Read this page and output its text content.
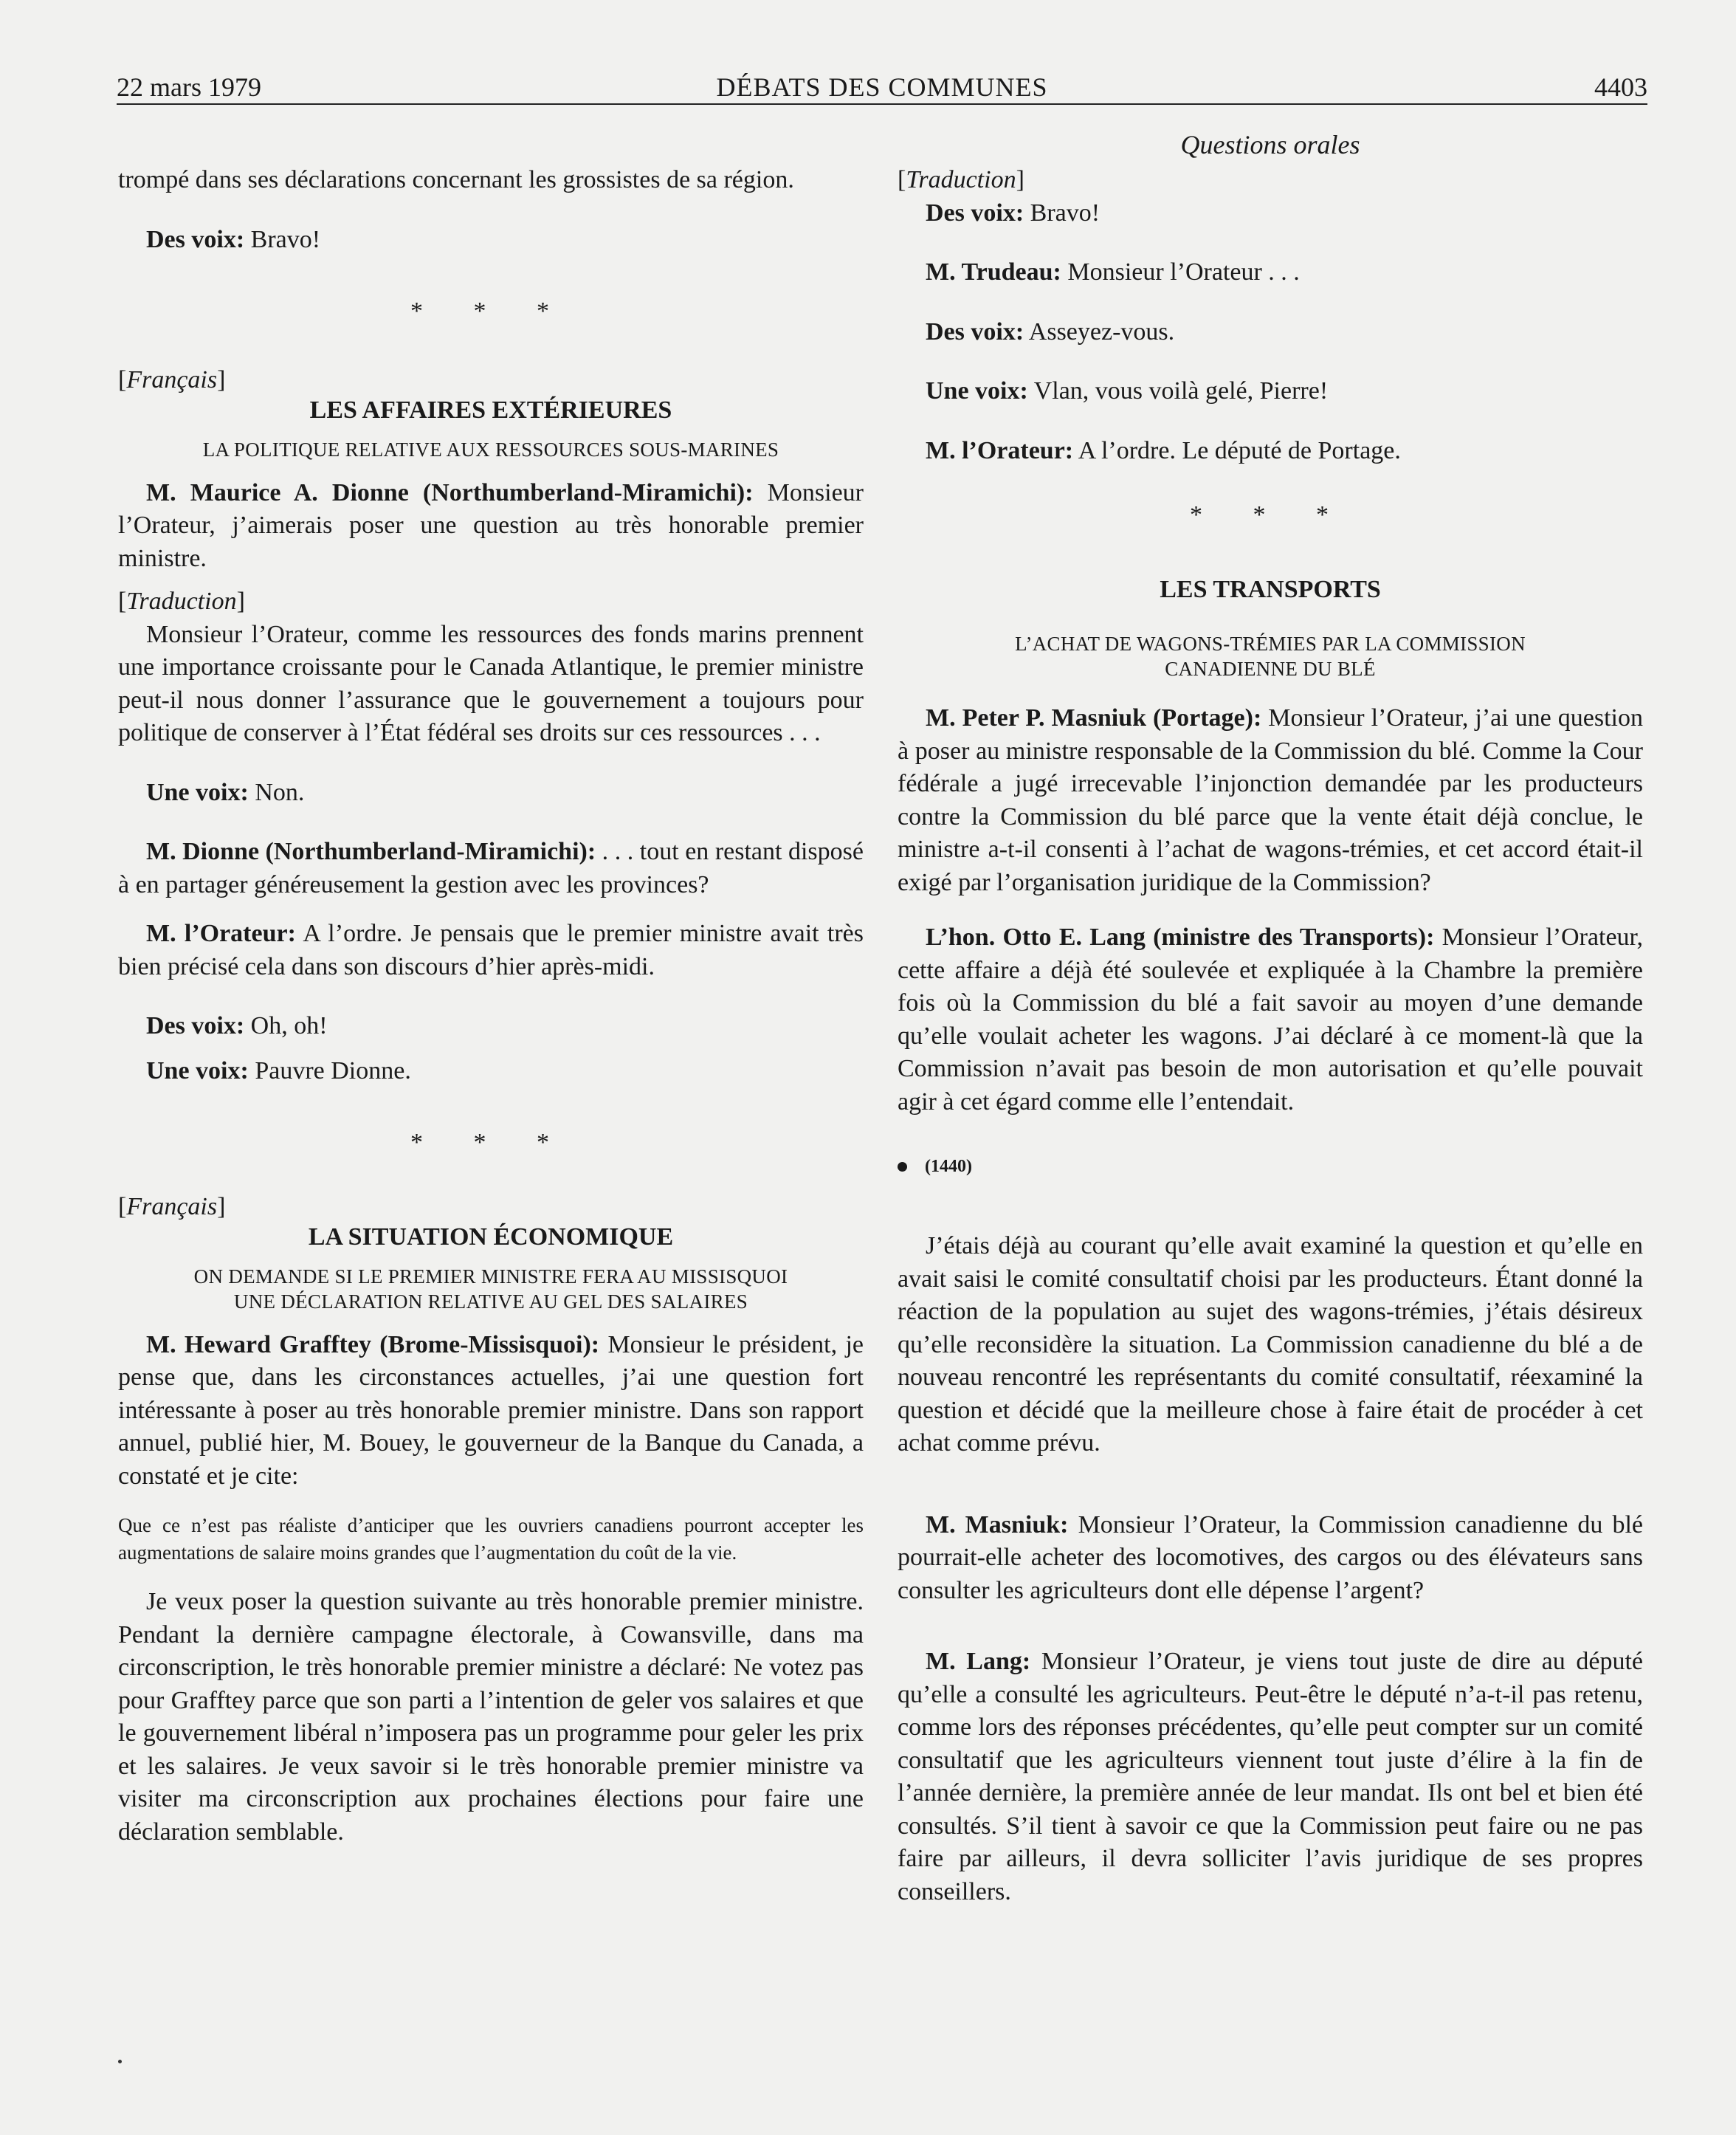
22 mars 1979	DÉBATS DES COMMUNES	4403
Questions orales

trompé dans ses déclarations concernant les grossistes de sa région.

Des voix: Bravo!

* * *
[Français]
LES AFFAIRES EXTÉRIEURES
LA POLITIQUE RELATIVE AUX RESSOURCES SOUS-MARINES

M. Maurice A. Dionne (Northumberland-Miramichi): Monsieur l’Orateur, j’aimerais poser une question au très honorable premier ministre.

[Traduction]

Monsieur l’Orateur, comme les ressources des fonds marins prennent une importance croissante pour le Canada Atlantique, le premier ministre peut-il nous donner l’assurance que le gouvernement a toujours pour politique de conserver à l’État fédéral ses droits sur ces ressources . . .

Une voix: Non.

M. Dionne (Northumberland-Miramichi): . . . tout en restant disposé à en partager généreusement la gestion avec les provinces?

M. l’Orateur: A l’ordre. Je pensais que le premier ministre avait très bien précisé cela dans son discours d’hier après-midi.

Des voix: Oh, oh!

Une voix: Pauvre Dionne.

* * *
[Français]
LA SITUATION ÉCONOMIQUE
ON DEMANDE SI LE PREMIER MINISTRE FERA AU MISSISQUOI
UNE DÉCLARATION RELATIVE AU GEL DES SALAIRES

M. Heward Grafftey (Brome-Missisquoi): Monsieur le président, je pense que, dans les circonstances actuelles, j’ai une question fort intéressante à poser au très honorable premier ministre. Dans son rapport annuel, publié hier, M. Bouey, le gouverneur de la Banque du Canada, a constaté et je cite:

Que ce n’est pas réaliste d’anticiper que les ouvriers canadiens pourront accepter les augmentations de salaire moins grandes que l’augmentation du coût de la vie.

Je veux poser la question suivante au très honorable premier ministre. Pendant la dernière campagne électorale, à Cowansville, dans ma circonscription, le très honorable premier ministre a déclaré: Ne votez pas pour Grafftey parce que son parti a l’intention de geler vos salaires et que le gouvernement libéral n’imposera pas un programme pour geler les prix et les salaires. Je veux savoir si le très honorable premier ministre va visiter ma circonscription aux prochaines élections pour faire une déclaration semblable.

[Traduction]

Des voix: Bravo!

M. Trudeau: Monsieur l’Orateur . . .

Des voix: Asseyez-vous.

Une voix: Vlan, vous voilà gelé, Pierre!

M. l’Orateur: A l’ordre. Le député de Portage.

* * *
LES TRANSPORTS
L’ACHAT DE WAGONS-TRÉMIES PAR LA COMMISSION
CANADIENNE DU BLÉ

M. Peter P. Masniuk (Portage): Monsieur l’Orateur, j’ai une question à poser au ministre responsable de la Commission du blé. Comme la Cour fédérale a jugé irrecevable l’injonction demandée par les producteurs contre la Commission du blé parce que la vente était déjà conclue, le ministre a-t-il consenti à l’achat de wagons-trémies, et cet accord était-il exigé par l’organisation juridique de la Commission?

L’hon. Otto E. Lang (ministre des Transports): Monsieur l’Orateur, cette affaire a déjà été soulevée et expliquée à la Chambre la première fois où la Commission du blé a fait savoir au moyen d’une demande qu’elle voulait acheter les wagons. J’ai déclaré à ce moment-là que la Commission n’avait pas besoin de mon autorisation et qu’elle pouvait agir à cet égard comme elle l’entendait.

(1440)

J’étais déjà au courant qu’elle avait examiné la question et qu’elle en avait saisi le comité consultatif choisi par les producteurs. Étant donné la réaction de la population au sujet des wagons-trémies, j’étais désireux qu’elle reconsidère la situation. La Commission canadienne du blé a de nouveau rencontré les représentants du comité consultatif, réexaminé la question et décidé que la meilleure chose à faire était de procéder à cet achat comme prévu.

M. Masniuk: Monsieur l’Orateur, la Commission canadienne du blé pourrait-elle acheter des locomotives, des cargos ou des élévateurs sans consulter les agriculteurs dont elle dépense l’argent?

M. Lang: Monsieur l’Orateur, je viens tout juste de dire au député qu’elle a consulté les agriculteurs. Peut-être le député n’a-t-il pas retenu, comme lors des réponses précédentes, qu’elle peut compter sur un comité consultatif que les agriculteurs viennent tout juste d’élire à la fin de l’année dernière, la première année de leur mandat. Ils ont bel et bien été consultés. S’il tient à savoir ce que la Commission peut faire ou ne pas faire par ailleurs, il devra solliciter l’avis juridique de ses propres conseillers.
